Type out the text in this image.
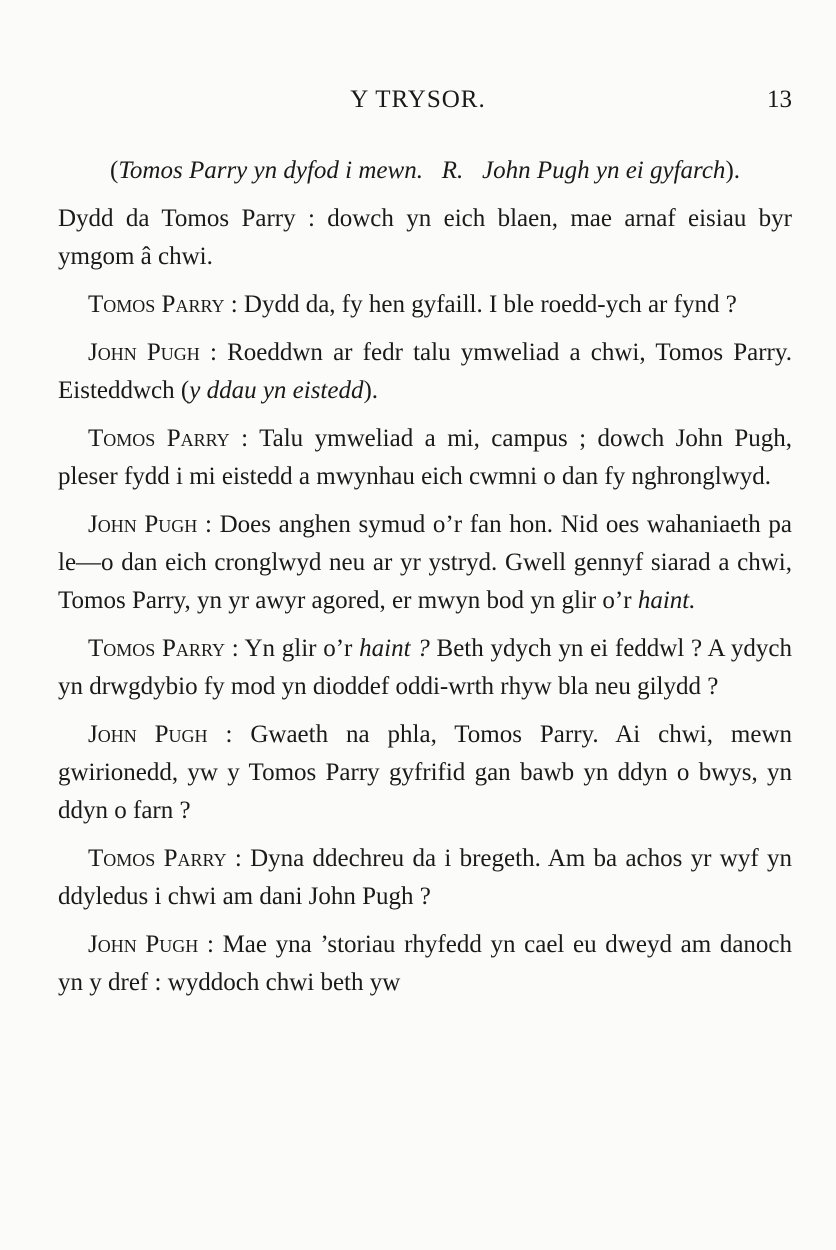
Y TRYSOR.	13

(Tomos Parry yn dyfod i mewn. R. John Pugh yn ei gyfarch).

Dydd da Tomos Parry : dowch yn eich blaen, mae arnaf eisiau byr ymgom â chwi.

Tomos Parry : Dydd da, fy hen gyfaill. I ble roedd-ych ar fynd ?

John Pugh : Roeddwn ar fedr talu ymweliad a chwi, Tomos Parry. Eisteddwch (y ddau yn eistedd).

Tomos Parry : Talu ymweliad a mi, campus ; dowch John Pugh, pleser fydd i mi eistedd a mwynhau eich cwmni o dan fy nghronglwyd.

John Pugh : Does anghen symud o’r fan hon. Nid oes wahaniaeth pa le—o dan eich cronglwyd neu ar yr ystryd. Gwell gennyf siarad a chwi, Tomos Parry, yn yr awyr agored, er mwyn bod yn glir o’r haint.

Tomos Parry : Yn glir o’r haint ? Beth ydych yn ei feddwl ? A ydych yn drwgdybio fy mod yn dioddef oddi-wrth rhyw bla neu gilydd ?

John Pugh : Gwaeth na phla, Tomos Parry. Ai chwi, mewn gwirionedd, yw y Tomos Parry gyfrifid gan bawb yn ddyn o bwys, yn ddyn o farn ?

Tomos Parry : Dyna ddechreu da i bregeth. Am ba achos yr wyf yn ddyledus i chwi am dani John Pugh ?

John Pugh : Mae yna ’storiau rhyfedd yn cael eu dweyd am danoch yn y dref : wyddoch chwi beth yw
